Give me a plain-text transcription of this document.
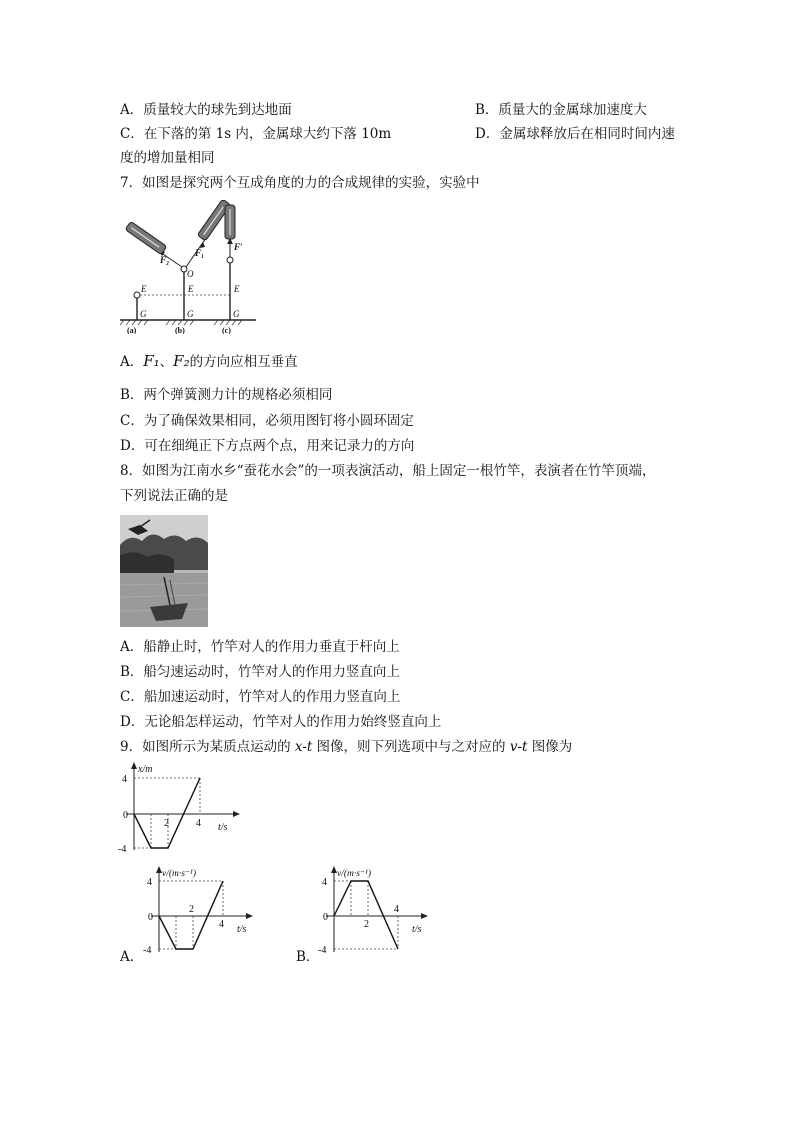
A．质量较大的球先到达地面	B．质量大的金属球加速度大
C．在下落的第 1s 内，金属球大约下落 10m	D．金属球释放后在相同时间内速
度的增加量相同
7．如图是探究两个互成角度的力的合成规律的实验，实验中
E	E	E
G	G	G
O
F₂
F₁
F′
(a)	(b)	(c)
A．F₁、F₂的方向应相互垂直
B．两个弹簧测力计的规格必须相同
C．为了确保效果相同，必须用图钉将小圆环固定
D．可在细绳正下方点两个点，用来记录力的方向
8．如图为江南水乡“蚕花水会”的一项表演活动，船上固定一根竹竿，表演者在竹竿顶端，
下列说法正确的是
A．船静止时，竹竿对人的作用力垂直于杆向上
B．船匀速运动时，竹竿对人的作用力竖直向上
C．船加速运动时，竹竿对人的作用力竖直向上
D．无论船怎样运动，竹竿对人的作用力始终竖直向上
9．如图所示为某质点运动的 x-t 图像，则下列选项中与之对应的 v-t 图像为
x/m
4
0
-4
2	4 t/s
v/(m·s⁻¹)
4
0
-4
2
4 t/s
A．
v/(m·s⁻¹)
4
0
-4
2
4
t/s
B．
